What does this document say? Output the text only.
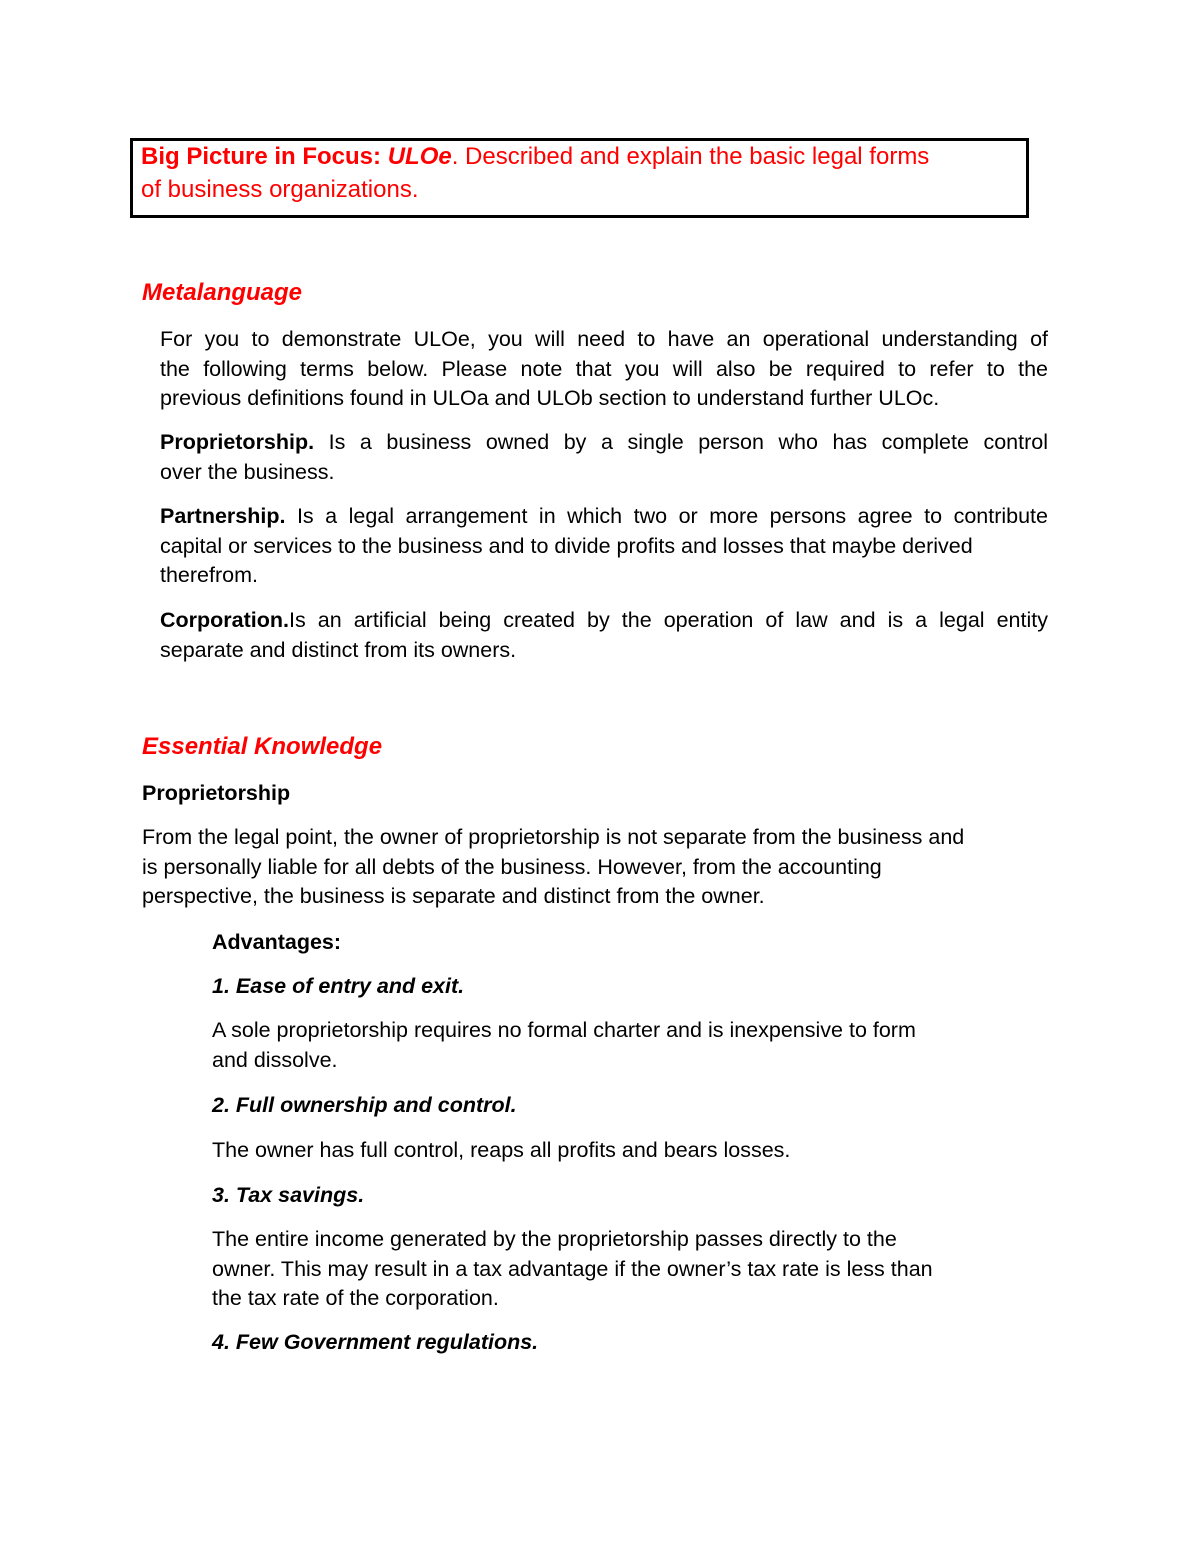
Big Picture in Focus: ULOe. Described and explain the basic legal forms
of business organizations.
Metalanguage
For you to demonstrate ULOe, you will need to have an operational understanding of
the following terms below. Please note that you will also be required to refer to the
previous definitions found in ULOa and ULOb section to understand further ULOc.
Proprietorship. Is a business owned by a single person who has complete control
over the business.
Partnership. Is a legal arrangement in which two or more persons agree to contribute
capital or services to the business and to divide profits and losses that maybe derived
therefrom.
Corporation.Is an artificial being created by the operation of law and is a legal entity
separate and distinct from its owners.
Essential Knowledge
Proprietorship
From the legal point, the owner of proprietorship is not separate from the business and
is personally liable for all debts of the business. However, from the accounting
perspective, the business is separate and distinct from the owner.
Advantages:
1. Ease of entry and exit.
A sole proprietorship requires no formal charter and is inexpensive to form
and dissolve.
2. Full ownership and control.
The owner has full control, reaps all profits and bears losses.
3. Tax savings.
The entire income generated by the proprietorship passes directly to the
owner. This may result in a tax advantage if the owner’s tax rate is less than
the tax rate of the corporation.
4. Few Government regulations.
